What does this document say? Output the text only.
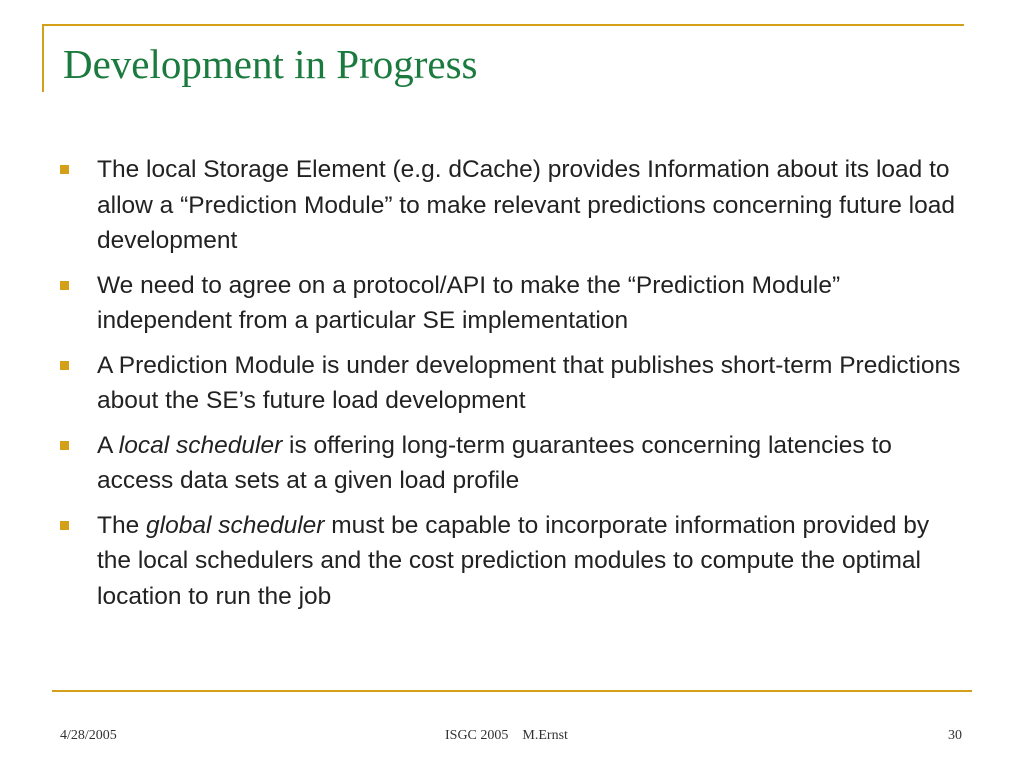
Development in Progress
The local Storage Element (e.g. dCache) provides Information about its load to allow a “Prediction Module” to make relevant predictions concerning future load development
We need to agree on a protocol/API to make the “Prediction Module” independent from a particular SE implementation
A Prediction Module is under development that publishes short-term Predictions about the SE’s future load development
A local scheduler is offering long-term guarantees concerning latencies to access data sets at a given load profile
The global scheduler must be capable to incorporate information provided by the local schedulers and the cost prediction modules to compute the optimal location to run the job
4/28/2005	ISGC 2005 M.Ernst	30
